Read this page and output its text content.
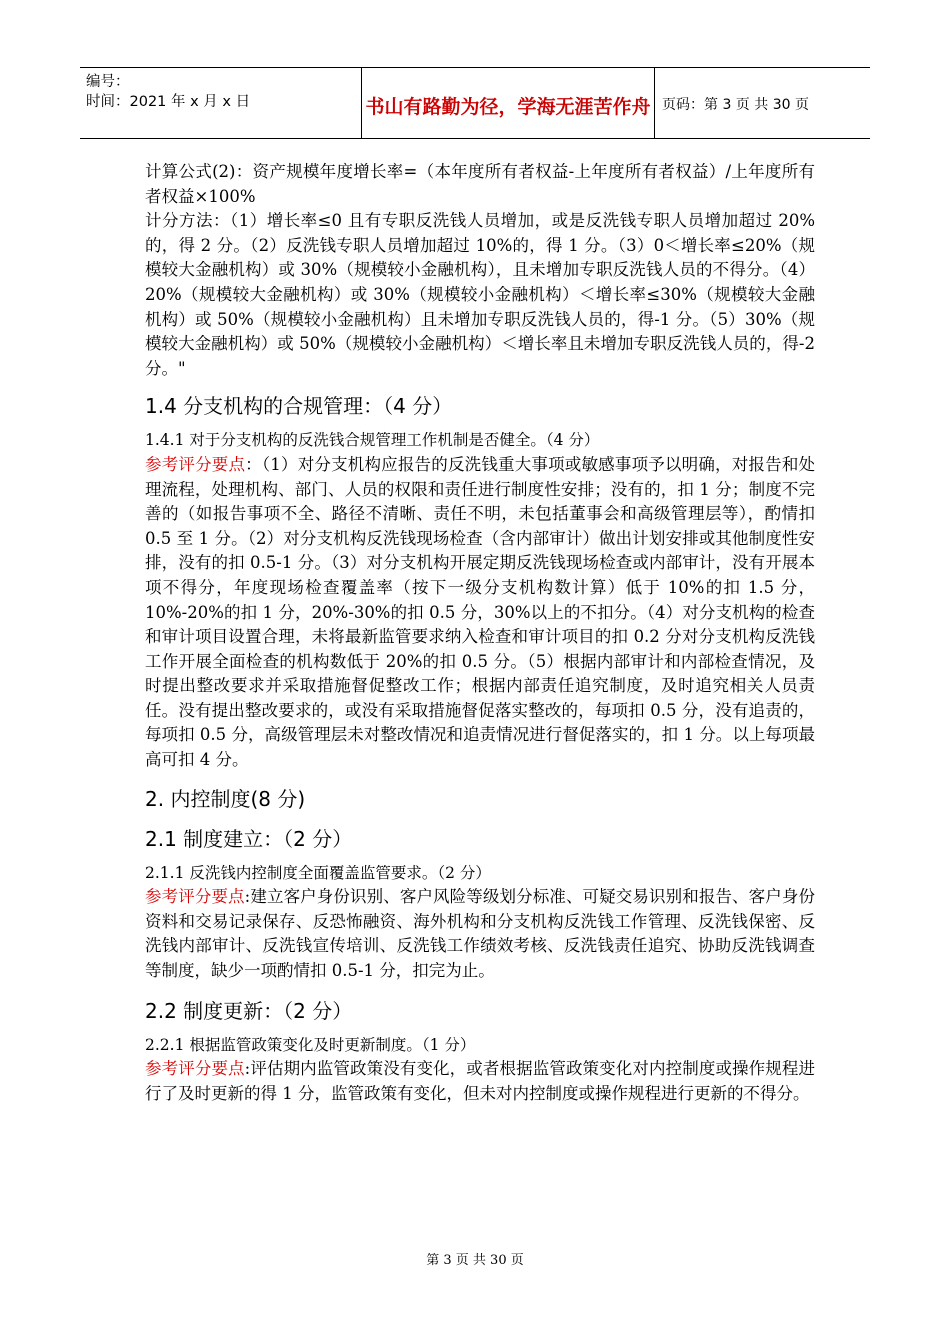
编号：
时间：2021 年 x 月 x 日	书山有路勤为径，学海无涯苦作舟 页码：第 3 页 共 30 页

计算公式(2)：资产规模年度增长率=（本年度所有者权益-上年度所有者权益）/上年度所有者权益×100%

计分方法：（1）增长率≤0 且有专职反洗钱人员增加，或是反洗钱专职人员增加超过 20%的，得 2 分。（2）反洗钱专职人员增加超过 10%的，得 1 分。（3）0＜增长率≤20%（规模较大金融机构）或 30%（规模较小金融机构），且未增加专职反洗钱人员的不得分。（4）20%（规模较大金融机构）或 30%（规模较小金融机构）＜增长率≤30%（规模较大金融机构）或 50%（规模较小金融机构）且未增加专职反洗钱人员的，得-1 分。（5）30%（规模较大金融机构）或 50%（规模较小金融机构）＜增长率且未增加专职反洗钱人员的，得-2 分。"

1.4 分支机构的合规管理：（4 分）

1.4.1 对于分支机构的反洗钱合规管理工作机制是否健全。（4 分）

参考评分要点：（1）对分支机构应报告的反洗钱重大事项或敏感事项予以明确，对报告和处理流程，处理机构、部门、人员的权限和责任进行制度性安排；没有的，扣 1 分；制度不完善的（如报告事项不全、路径不清晰、责任不明，未包括董事会和高级管理层等），酌情扣 0.5 至 1 分。（2）对分支机构反洗钱现场检查（含内部审计）做出计划安排或其他制度性安排，没有的扣 0.5-1 分。（3）对分支机构开展定期反洗钱现场检查或内部审计，没有开展本项不得分，年度现场检查覆盖率（按下一级分支机构数计算）低于 10%的扣 1.5 分，10%-20%的扣 1 分，20%-30%的扣 0.5 分，30%以上的不扣分。（4）对分支机构的检查和审计项目设置合理，未将最新监管要求纳入检查和审计项目的扣 0.2 分对分支机构反洗钱工作开展全面检查的机构数低于 20%的扣 0.5 分。（5）根据内部审计和内部检查情况，及时提出整改要求并采取措施督促整改工作；根据内部责任追究制度，及时追究相关人员责任。没有提出整改要求的，或没有采取措施督促落实整改的，每项扣 0.5 分，没有追责的，每项扣 0.5 分，高级管理层未对整改情况和追责情况进行督促落实的，扣 1 分。以上每项最高可扣 4 分。

2. 内控制度(8 分)
2.1 制度建立：（2 分）

2.1.1 反洗钱内控制度全面覆盖监管要求。（2 分）

参考评分要点:建立客户身份识别、客户风险等级划分标准、可疑交易识别和报告、客户身份资料和交易记录保存、反恐怖融资、海外机构和分支机构反洗钱工作管理、反洗钱保密、反洗钱内部审计、反洗钱宣传培训、反洗钱工作绩效考核、反洗钱责任追究、协助反洗钱调查等制度，缺少一项酌情扣 0.5-1 分，扣完为止。

2.2 制度更新：（2 分）

2.2.1 根据监管政策变化及时更新制度。（1 分）

参考评分要点:评估期内监管政策没有变化，或者根据监管政策变化对内控制度或操作规程进行了及时更新的得 1 分，监管政策有变化，但未对内控制度或操作规程进行更新的不得分。

第 3 页 共 30 页
